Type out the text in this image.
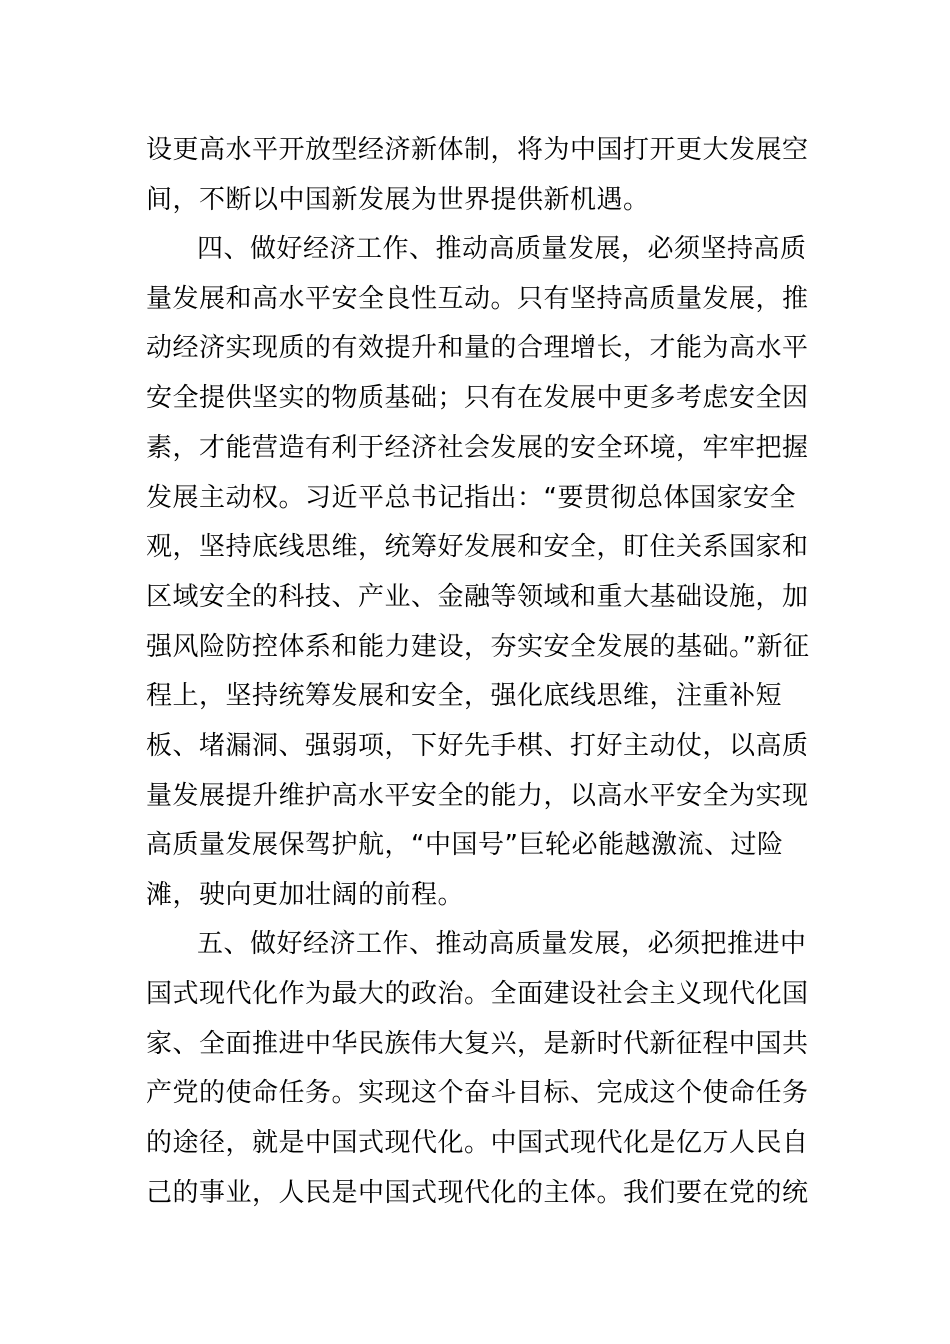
设更高水平开放型经济新体制，将为中国打开更大发展空
间，不断以中国新发展为世界提供新机遇。
四、做好经济工作、推动高质量发展，必须坚持高质
量发展和高水平安全良性互动。只有坚持高质量发展，推
动经济实现质的有效提升和量的合理增长，才能为高水平
安全提供坚实的物质基础；只有在发展中更多考虑安全因
素，才能营造有利于经济社会发展的安全环境，牢牢把握
发展主动权。习近平总书记指出：“要贯彻总体国家安全
观，坚持底线思维，统筹好发展和安全，盯住关系国家和
区域安全的科技、产业、金融等领域和重大基础设施，加
强风险防控体系和能力建设，夯实安全发展的基础。”新征
程上，坚持统筹发展和安全，强化底线思维，注重补短
板、堵漏洞、强弱项，下好先手棋、打好主动仗，以高质
量发展提升维护高水平安全的能力，以高水平安全为实现
高质量发展保驾护航，“中国号”巨轮必能越激流、过险
滩，驶向更加壮阔的前程。
五、做好经济工作、推动高质量发展，必须把推进中
国式现代化作为最大的政治。全面建设社会主义现代化国
家、全面推进中华民族伟大复兴，是新时代新征程中国共
产党的使命任务。实现这个奋斗目标、完成这个使命任务
的途径，就是中国式现代化。中国式现代化是亿万人民自
己的事业，人民是中国式现代化的主体。我们要在党的统
